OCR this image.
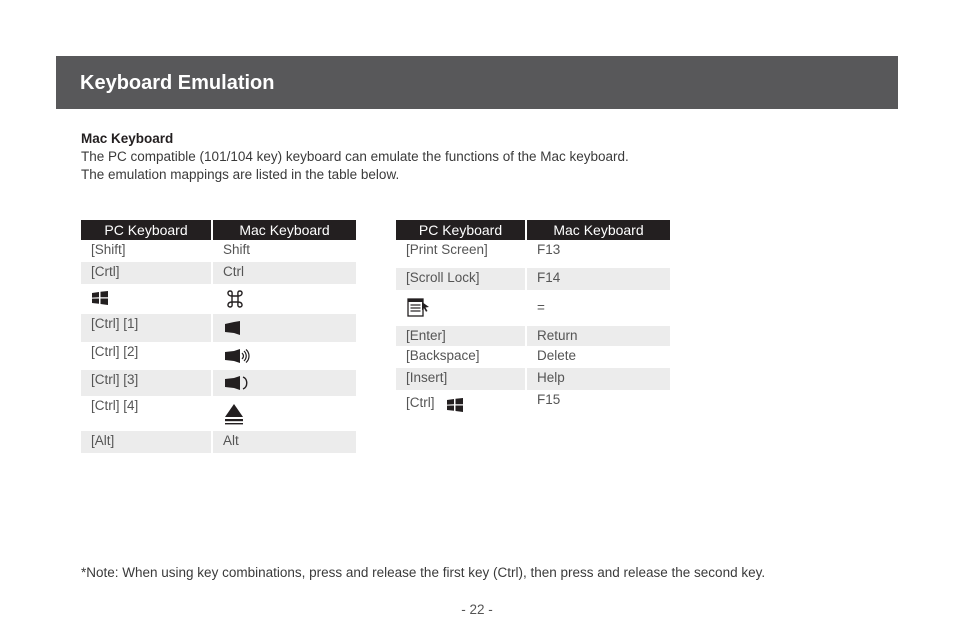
Keyboard Emulation
Mac Keyboard
The PC compatible (101/104 key) keyboard can emulate the functions of the Mac keyboard.
The emulation mappings are listed in the table below.
PC Keyboard	Mac Keyboard
[Shift]	Shift
[Crtl]	Ctrl

[Ctrl] [1]	
[Ctrl] [2]	
[Ctrl] [3]	
[Ctrl] [4]	
[Alt]	Alt
PC Keyboard	Mac Keyboard
[Print Screen]	F13
[Scroll Lock]	F14
	=
[Enter]	Return
[Backspace]	Delete
[Insert]	Help
[Ctrl]	F15
*Note: When using key combinations, press and release the first key (Ctrl), then press and release the second key.
- 22 -
